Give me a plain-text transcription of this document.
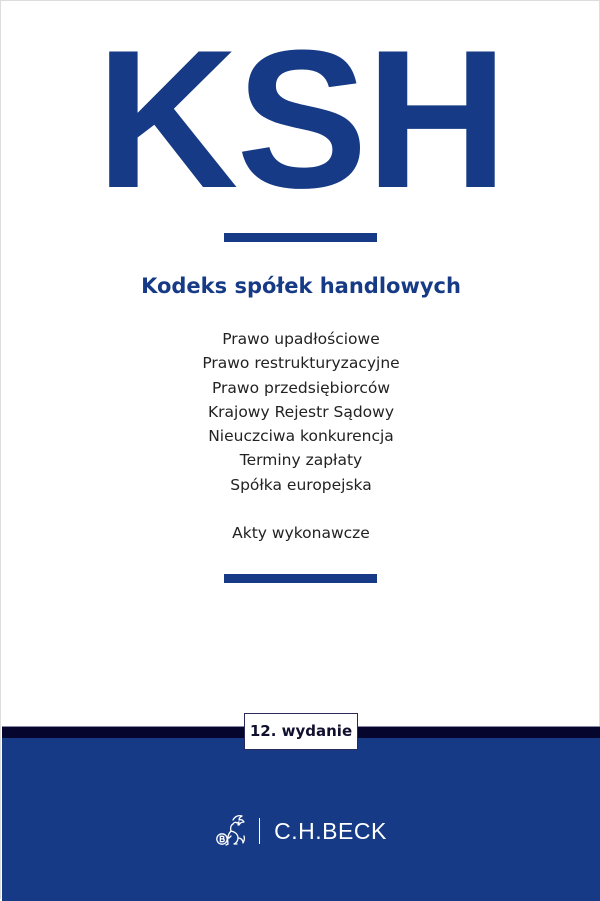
KSH
Kodeks spółek handlowych
Prawo upadłościowe
Prawo restrukturyzacyjne
Prawo przedsiębiorców
Krajowy Rejestr Sądowy
Nieuczciwa konkurencja
Terminy zapłaty
Spółka europejska
Akty wykonawcze
12. wydanie
C.H.BECK
